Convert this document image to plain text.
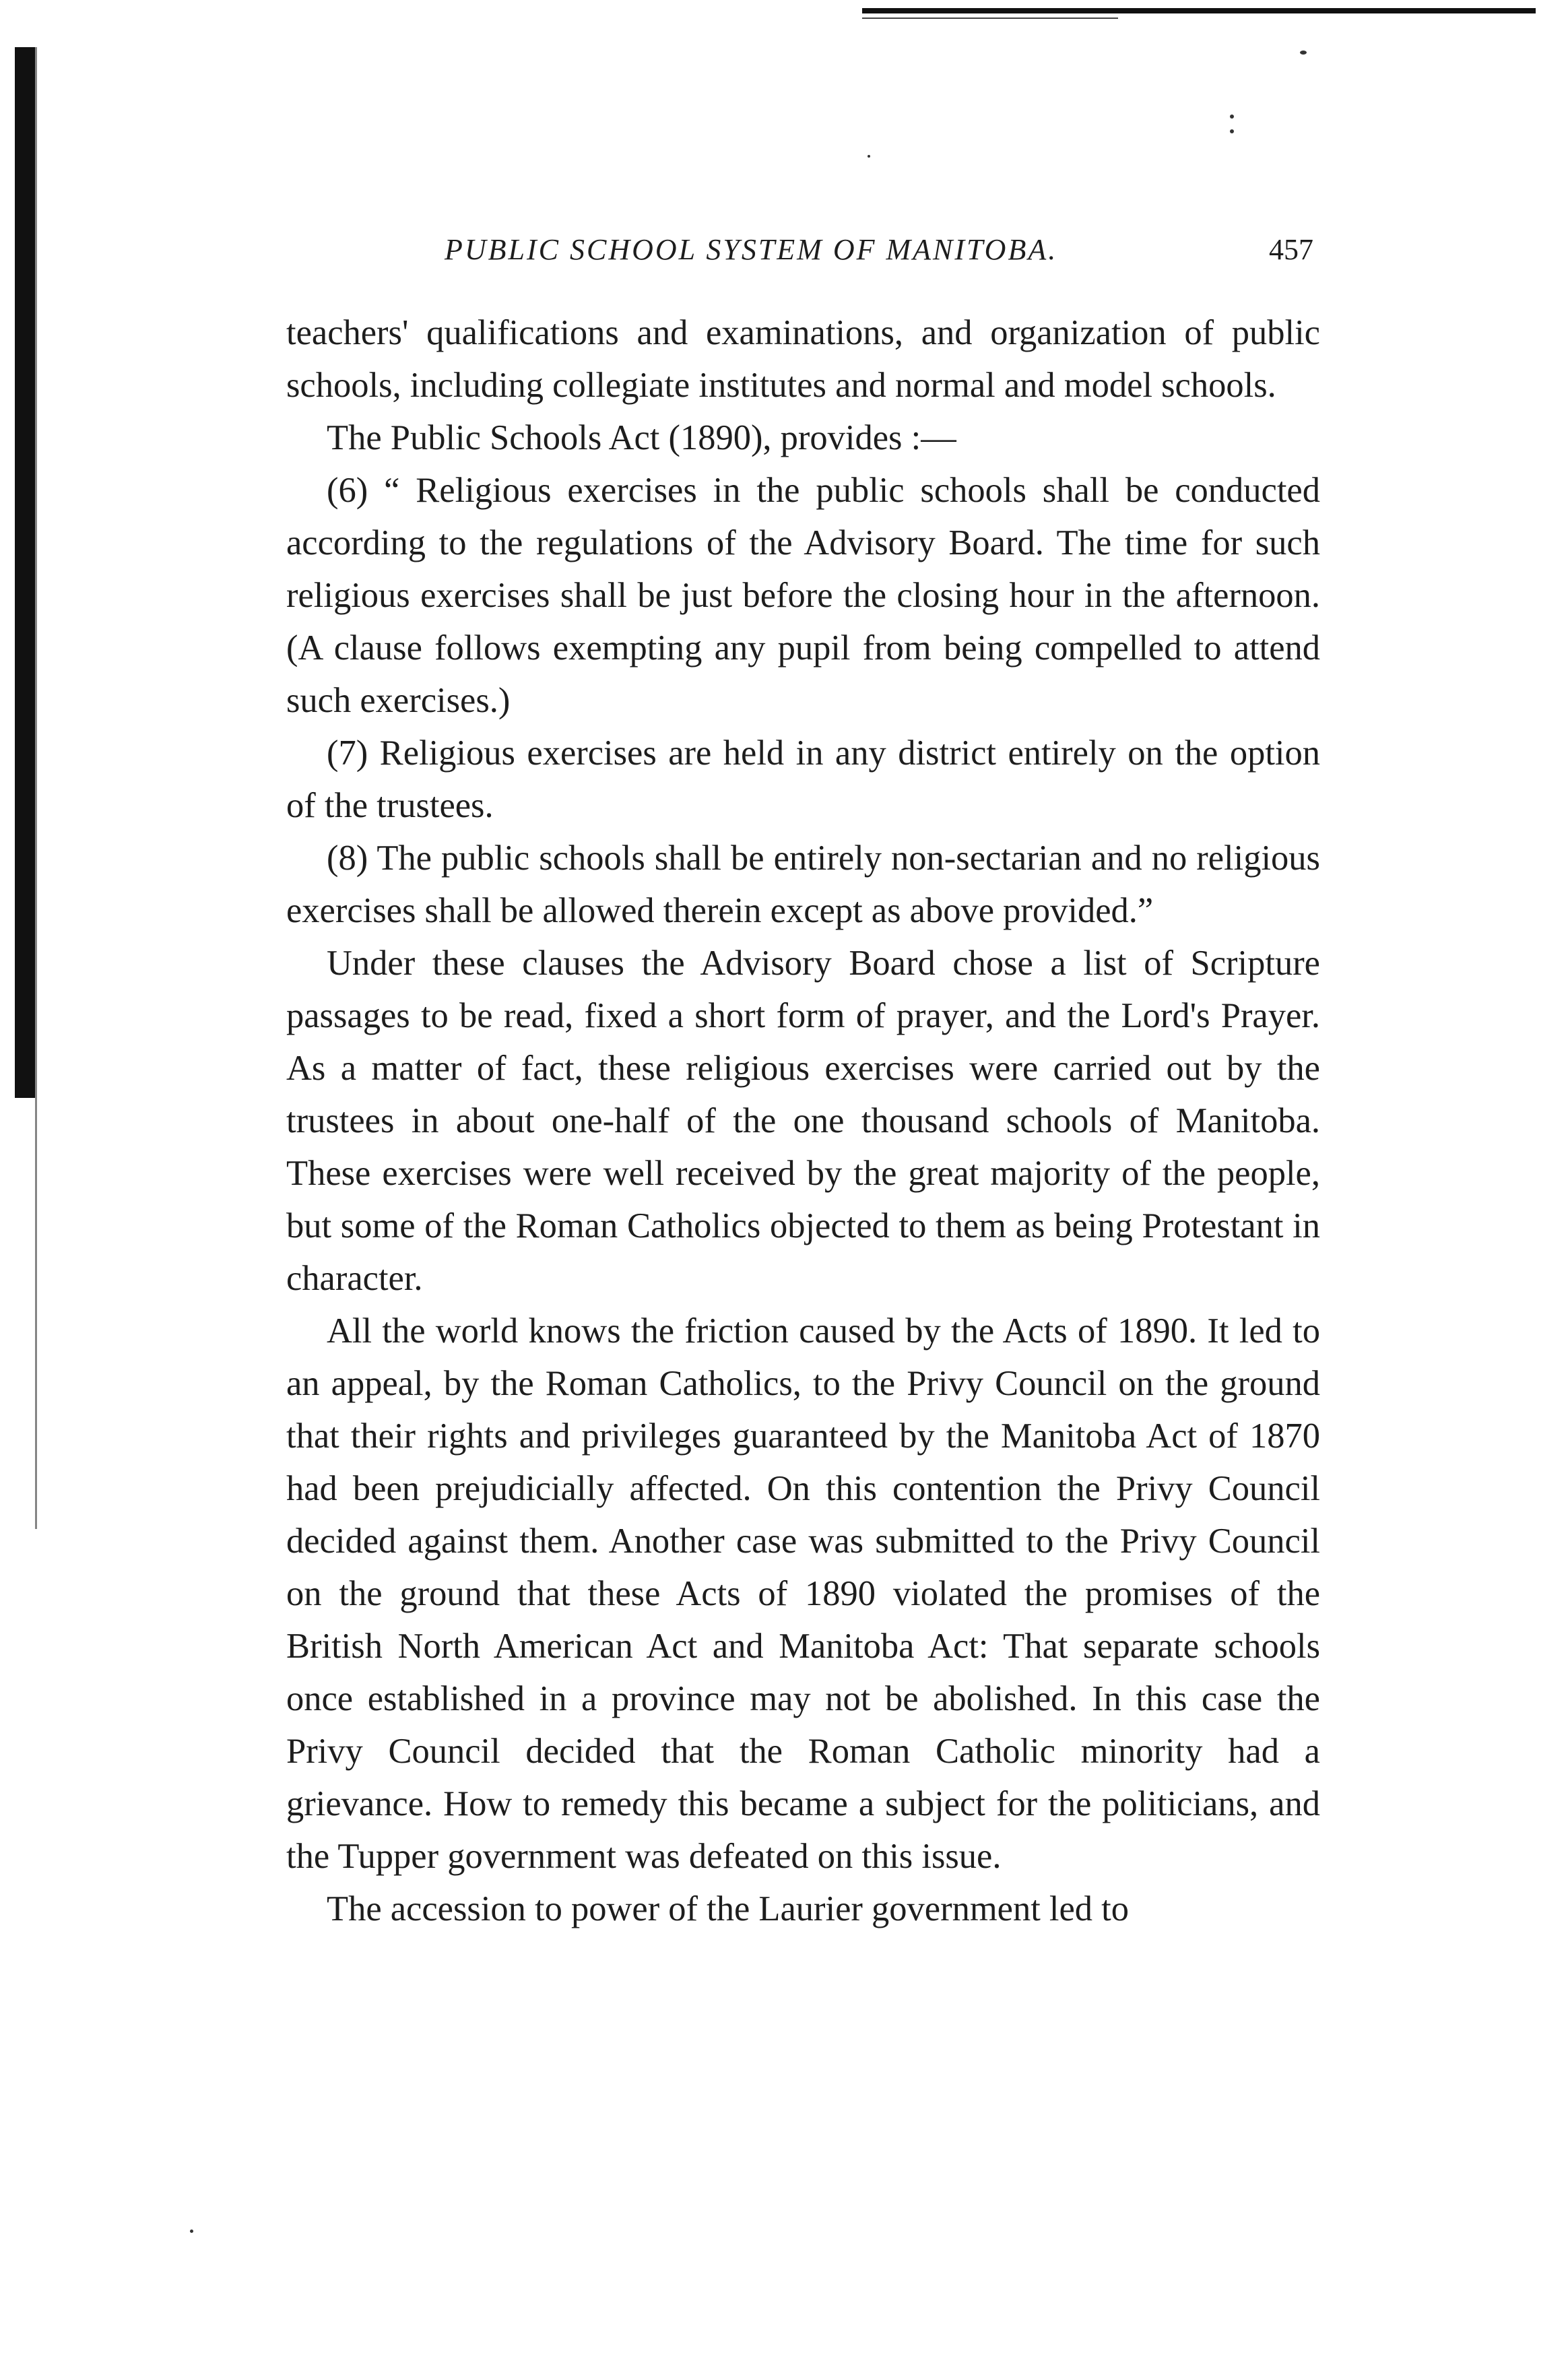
PUBLIC SCHOOL SYSTEM OF MANITOBA.	457

teachers' qualifications and examinations, and organization of public schools, including collegiate institutes and normal and model schools.

The Public Schools Act (1890), provides :—

(6) “ Religious exercises in the public schools shall be conducted according to the regulations of the Advisory Board. The time for such religious exercises shall be just before the closing hour in the afternoon. (A clause follows exempting any pupil from being compelled to attend such exercises.)

(7) Religious exercises are held in any district entirely on the option of the trustees.

(8) The public schools shall be entirely non-sectarian and no religious exercises shall be allowed therein except as above provided.”

Under these clauses the Advisory Board chose a list of Scripture passages to be read, fixed a short form of prayer, and the Lord's Prayer. As a matter of fact, these religious exercises were carried out by the trustees in about one-half of the one thousand schools of Manitoba. These exercises were well received by the great majority of the people, but some of the Roman Catholics objected to them as being Protestant in character.

All the world knows the friction caused by the Acts of 1890. It led to an appeal, by the Roman Catholics, to the Privy Council on the ground that their rights and privileges guaranteed by the Manitoba Act of 1870 had been prejudicially affected. On this contention the Privy Council decided against them. Another case was submitted to the Privy Council on the ground that these Acts of 1890 violated the promises of the British North American Act and Manitoba Act: That separate schools once established in a province may not be abolished. In this case the Privy Council decided that the Roman Catholic minority had a grievance. How to remedy this became a subject for the politicians, and the Tupper government was defeated on this issue.

The accession to power of the Laurier government led to
